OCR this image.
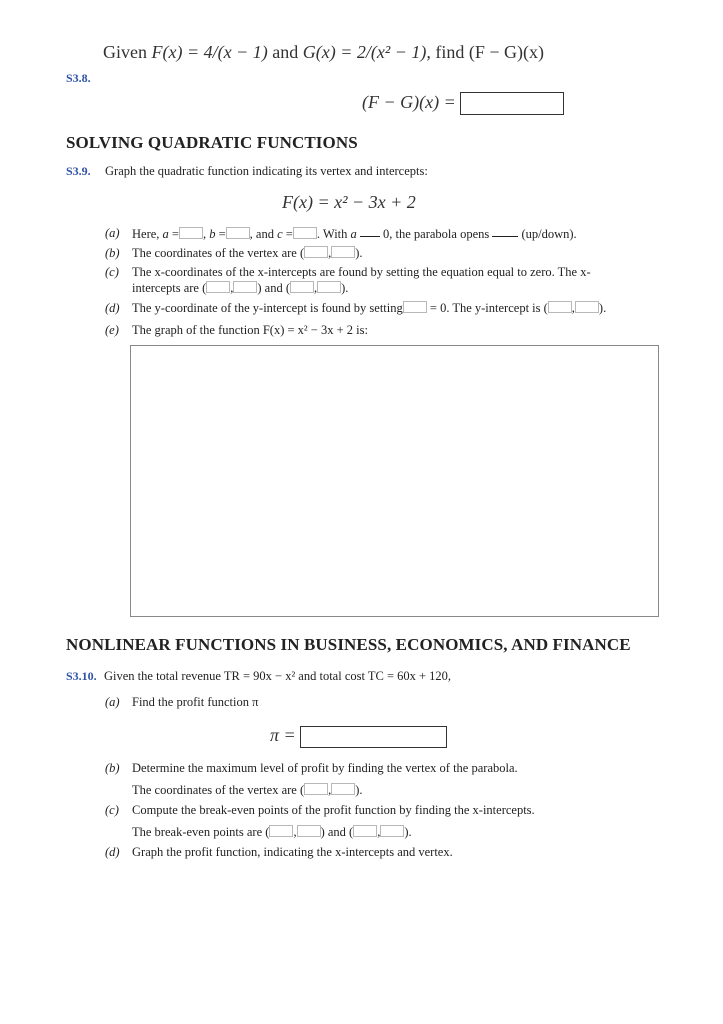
Given F(x) = 4/(x − 1) and G(x) = 2/(x² − 1), find (F − G)(x)
S3.8.
(F − G)(x) =
SOLVING QUADRATIC FUNCTIONS
S3.9. Graph the quadratic function indicating its vertex and intercepts:
F(x) = x² − 3x + 2
(a) Here, a = , b = , and c = . With a 0, the parabola opens	(up/down).
(b) The coordinates of the vertex are ( , ).
(c) The x-coordinates of the x-intercepts are found by setting the equation equal to zero. The x-
intercepts are ( , ) and ( , ).
(d) The y-coordinate of the y-intercept is found by setting = 0. The y-intercept is ( , ).
(e) The graph of the function F(x) = x² − 3x + 2 is:
NONLINEAR FUNCTIONS IN BUSINESS, ECONOMICS, AND FINANCE
S3.10. Given the total revenue TR = 90x − x² and total cost TC = 60x + 120,
(a) Find the profit function π
π =
(b) Determine the maximum level of profit by finding the vertex of the parabola.
The coordinates of the vertex are ( , ).
(c) Compute the break-even points of the profit function by finding the x-intercepts.
The break-even points are ( , ) and ( , ).
(d) Graph the profit function, indicating the x-intercepts and vertex.
